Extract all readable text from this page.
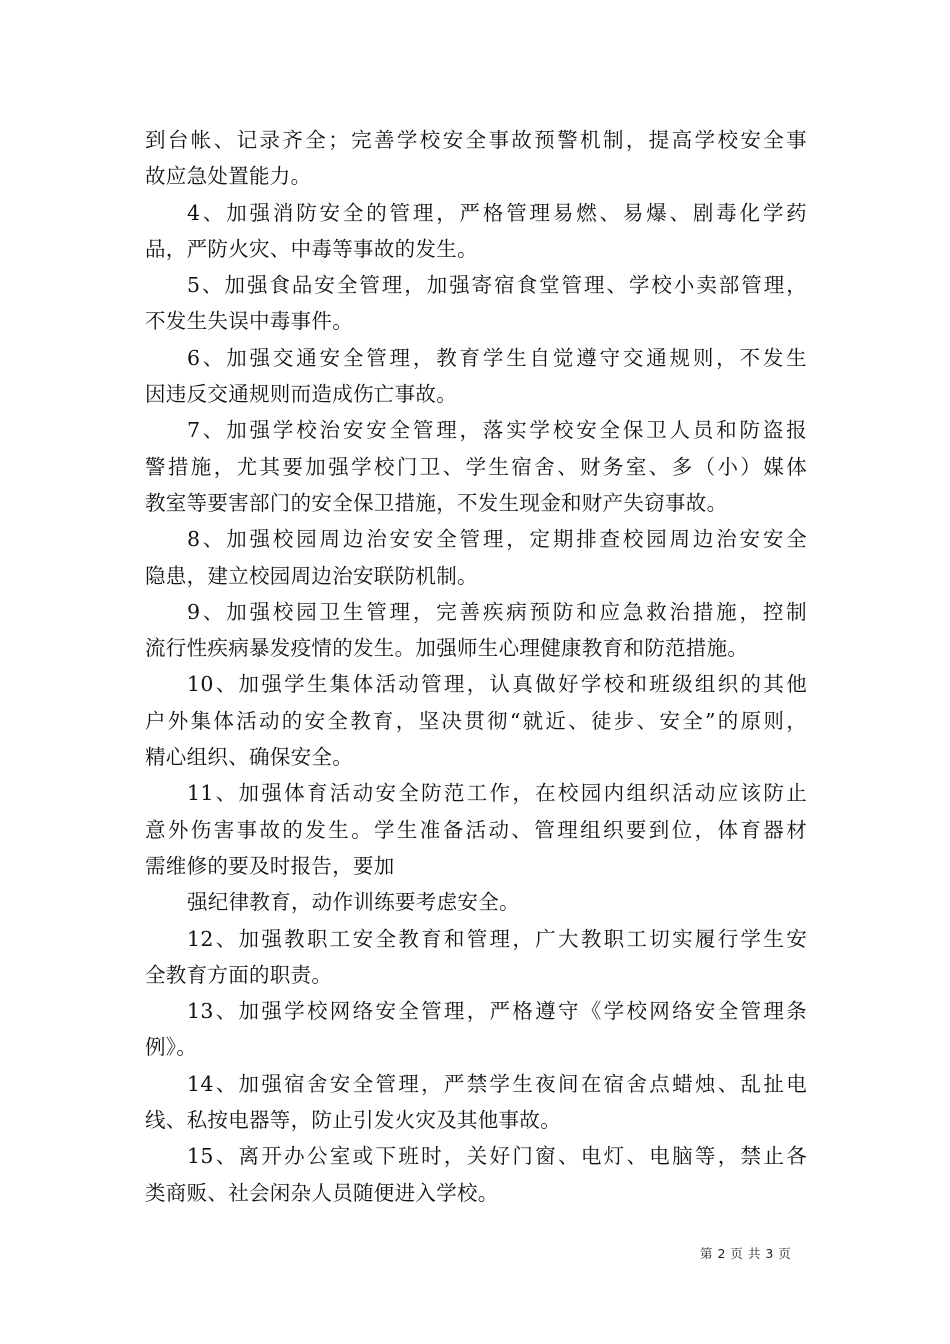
到台帐、记录齐全；完善学校安全事故预警机制，提高学校安全事
故应急处置能力。
4、加强消防安全的管理，严格管理易燃、易爆、剧毒化学药
品，严防火灾、中毒等事故的发生。
5、加强食品安全管理，加强寄宿食堂管理、学校小卖部管理，
不发生失误中毒事件。
6、加强交通安全管理，教育学生自觉遵守交通规则，不发生
因违反交通规则而造成伤亡事故。
7、加强学校治安安全管理，落实学校安全保卫人员和防盗报
警措施，尤其要加强学校门卫、学生宿舍、财务室、多（小）媒体
教室等要害部门的安全保卫措施，不发生现金和财产失窃事故。
8、加强校园周边治安安全管理，定期排查校园周边治安安全
隐患，建立校园周边治安联防机制。
9、加强校园卫生管理，完善疾病预防和应急救治措施，控制
流行性疾病暴发疫情的发生。加强师生心理健康教育和防范措施。
10、加强学生集体活动管理，认真做好学校和班级组织的其他
户外集体活动的安全教育，坚决贯彻“就近、徒步、安全”的原则，
精心组织、确保安全。
11、加强体育活动安全防范工作，在校园内组织活动应该防止
意外伤害事故的发生。学生准备活动、管理组织要到位，体育器材
需维修的要及时报告，要加
强纪律教育，动作训练要考虑安全。
12、加强教职工安全教育和管理，广大教职工切实履行学生安
全教育方面的职责。
13、加强学校网络安全管理，严格遵守《学校网络安全管理条
例》。
14、加强宿舍安全管理，严禁学生夜间在宿舍点蜡烛、乱扯电
线、私按电器等，防止引发火灾及其他事故。
15、离开办公室或下班时，关好门窗、电灯、电脑等，禁止各
类商贩、社会闲杂人员随便进入学校。
第 2 页 共 3 页
